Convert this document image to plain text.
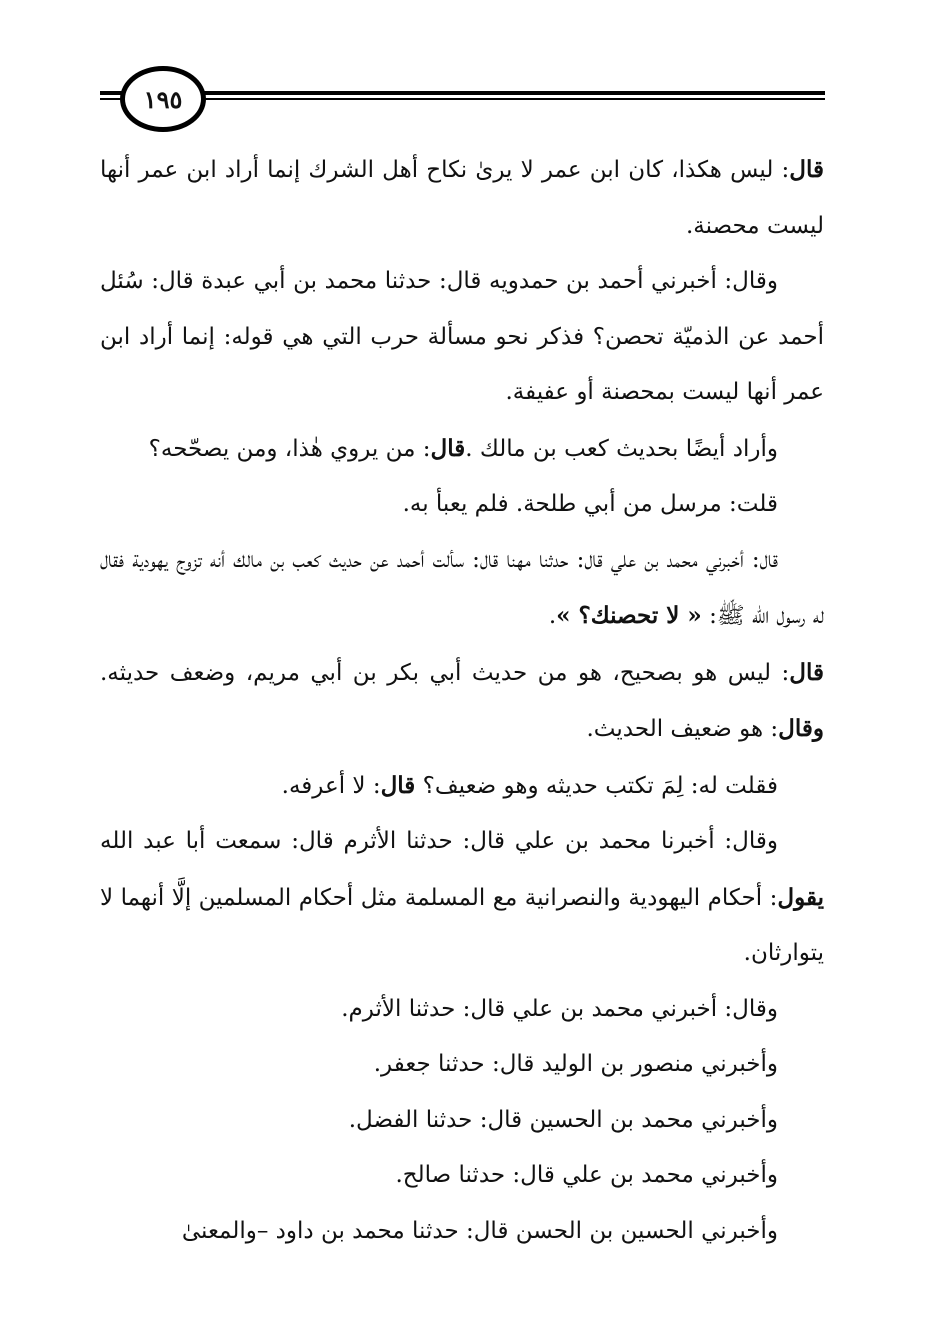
١٩٥

قال: ليس هكذا، كان ابن عمر لا يرىٰ نكاح أهل الشرك إنما أراد ابن عمر أنها ليست محصنة.

وقال: أخبرني أحمد بن حمدويه قال: حدثنا محمد بن أبي عبدة قال: سُئل أحمد عن الذميّة تحصن؟ فذكر نحو مسألة حرب التي هي قوله: إنما أراد ابن عمر أنها ليست بمحصنة أو عفيفة.

وأراد أيضًا بحديث كعب بن مالك .قال: من يروي هٰذا، ومن يصحّحه؟

قلت: مرسل من أبي طلحة. فلم يعبأ به.

قال: أخبرني محمد بن علي قال: حدثنا مهنا قال: سألت أحمد عن حديث كعب بن مالك أنه تزوج يهودية فقال له رسول الله ﷺ: « لا تحصنك؟ ».

قال: ليس هو بصحيح، هو من حديث أبي بكر بن أبي مريم، وضعف حديثه. وقال: هو ضعيف الحديث.

فقلت له: لِمَ تكتب حديثه وهو ضعيف؟ قال: لا أعرفه.

وقال: أخبرنا محمد بن علي قال: حدثنا الأثرم قال: سمعت أبا عبد الله يقول: أحكام اليهودية والنصرانية مع المسلمة مثل أحكام المسلمين إلَّا أنهما لا يتوارثان.

وقال: أخبرني محمد بن علي قال: حدثنا الأثرم.

وأخبرني منصور بن الوليد قال: حدثنا جعفر.

وأخبرني محمد بن الحسين قال: حدثنا الفضل.

وأخبرني محمد بن علي قال: حدثنا صالح.

وأخبرني الحسين بن الحسن قال: حدثنا محمد بن داود –والمعنىٰ
